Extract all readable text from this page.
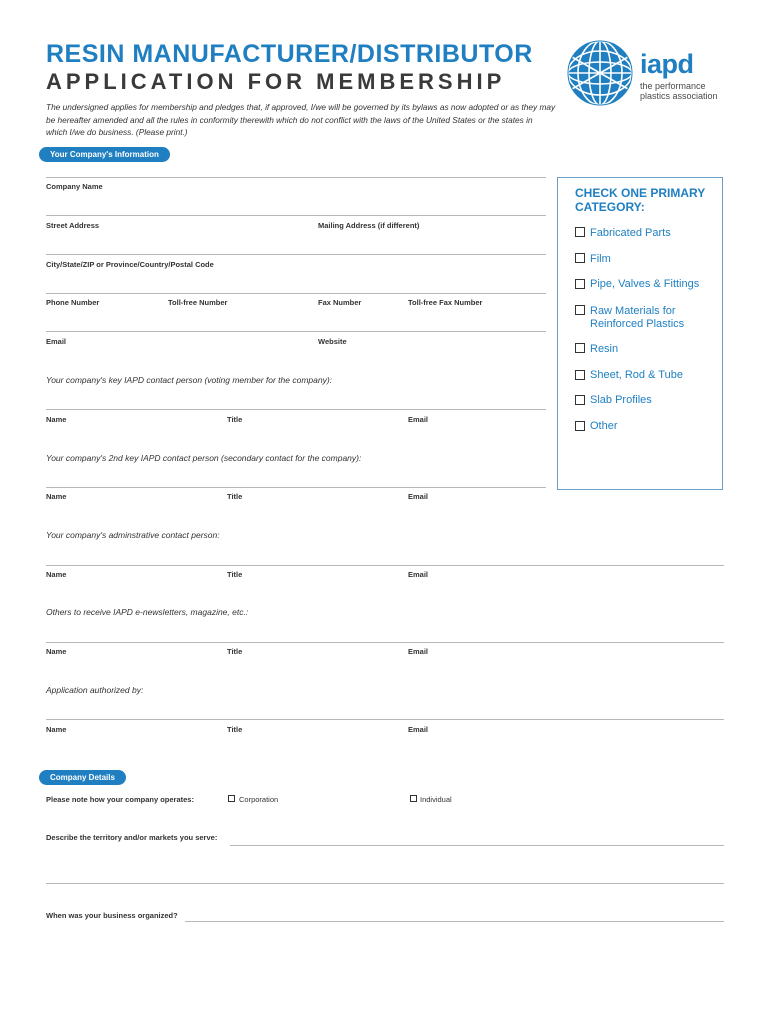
RESIN MANUFACTURER/DISTRIBUTOR
APPLICATION FOR MEMBERSHIP
The undersigned applies for membership and pledges that, if approved, I/we will be governed by its bylaws as now adopted or as they may be hereafter amended and all the rules in conformity therewith which do not conflict with the laws of the United States or the states in which I/we do business. (Please print.)
iapd
the performance
plastics association
Your Company's Information
Company Name
Street Address	Mailing Address (if different)
City/State/ZIP or Province/Country/Postal Code
Phone Number	Toll-free Number	Fax Number	Toll-free Fax Number
Email	Website
Your company's key IAPD contact person (voting member for the company):
Name	Title	Email
Your company's 2nd key IAPD contact person (secondary contact for the company):
Name	Title	Email
Your company's adminstrative contact person:
Name	Title	Email
Others to receive IAPD e-newsletters, magazine, etc.:
Name	Title	Email
Application authorized by:
Name	Title	Email
CHECK ONE PRIMARY
CATEGORY:
Fabricated Parts
Film
Pipe, Valves & Fittings
Raw Materials for
Reinforced Plastics
Resin
Sheet, Rod & Tube
Slab Profiles
Other
Company Details
Please note how your company operates:	Corporation	Individual
Describe the territory and/or markets you serve:
When was your business organized?
